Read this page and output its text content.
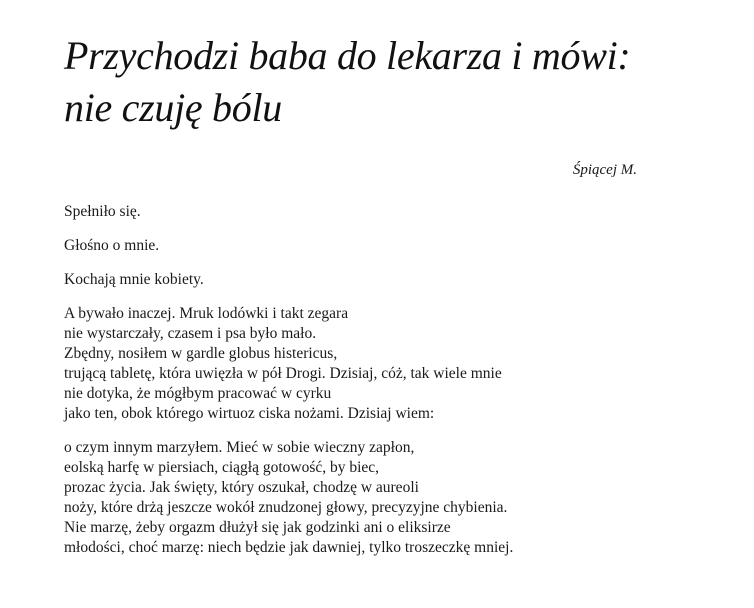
Przychodzi baba do lekarza i mówi:
nie czuję bólu
Śpiącej M.

Spełniło się.

Głośno o mnie.

Kochają mnie kobiety.

A bywało inaczej. Mruk lodówki i takt zegara
nie wystarczały, czasem i psa było mało.
Zbędny, nosiłem w gardle globus histericus,
trującą tabletę, która uwięzła w pół Drogi. Dzisiaj, cóż, tak wiele mnie
nie dotyka, że mógłbym pracować w cyrku
jako ten, obok którego wirtuoz ciska nożami. Dzisiaj wiem:

o czym innym marzyłem. Mieć w sobie wieczny zapłon,
eolską harfę w piersiach, ciągłą gotowość, by biec,
prozac życia. Jak święty, który oszukał, chodzę w aureoli
noży, które drżą jeszcze wokół znudzonej głowy, precyzyjne chybienia.
Nie marzę, żeby orgazm dłużył się jak godzinki ani o eliksirze
młodości, choć marzę: niech będzie jak dawniej, tylko troszeczkę mniej.
